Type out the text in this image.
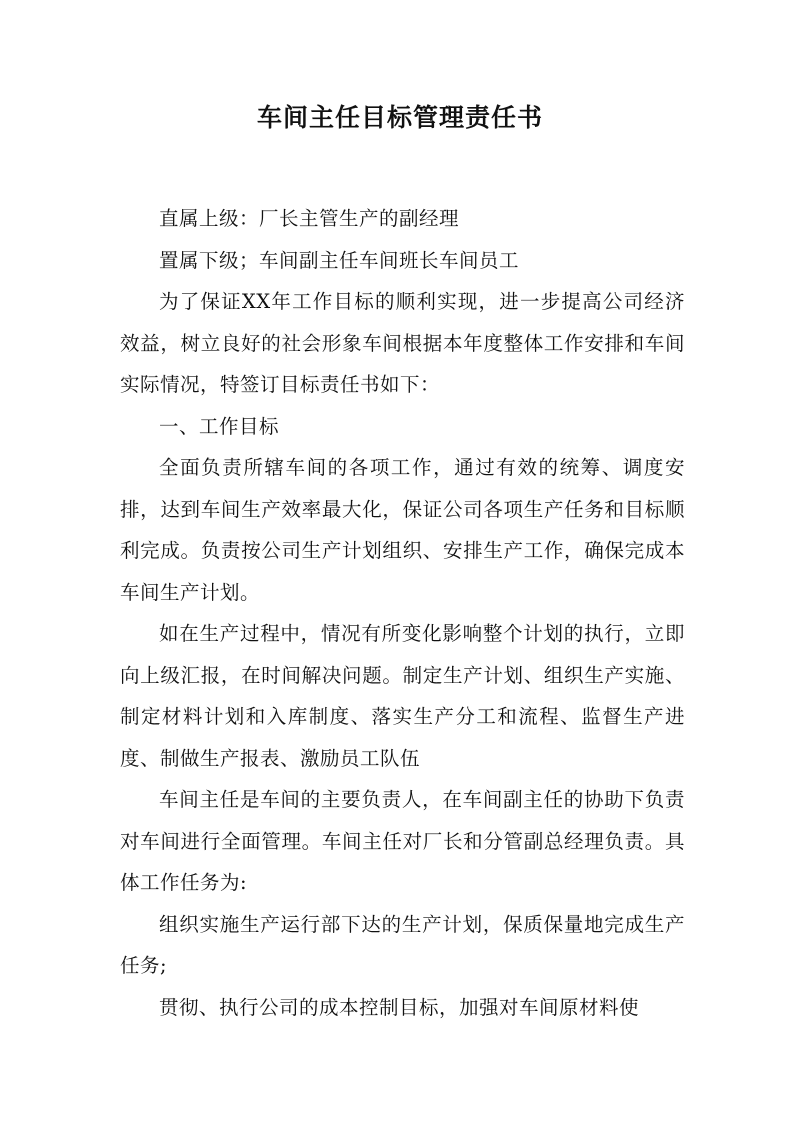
车间主任目标管理责任书

直属上级：厂长主管生产的副经理

置属下级；车间副主任车间班长车间员工

为了保证XX年工作目标的顺利实现，进一步提高公司经济效益，树立良好的社会形象车间根据本年度整体工作安排和车间实际情况，特签订目标责任书如下：

一、工作目标

全面负责所辖车间的各项工作，通过有效的统筹、调度安排，达到车间生产效率最大化，保证公司各项生产任务和目标顺利完成。负责按公司生产计划组织、安排生产工作，确保完成本车间生产计划。

如在生产过程中，情况有所变化影响整个计划的执行，立即向上级汇报，在时间解决问题。制定生产计划、组织生产实施、制定材料计划和入库制度、落实生产分工和流程、监督生产进度、制做生产报表、激励员工队伍

车间主任是车间的主要负责人，在车间副主任的协助下负责对车间进行全面管理。车间主任对厂长和分管副总经理负责。具体工作任务为:

组织实施生产运行部下达的生产计划，保质保量地完成生产任务;

贯彻、执行公司的成本控制目标，加强对车间原材料使
